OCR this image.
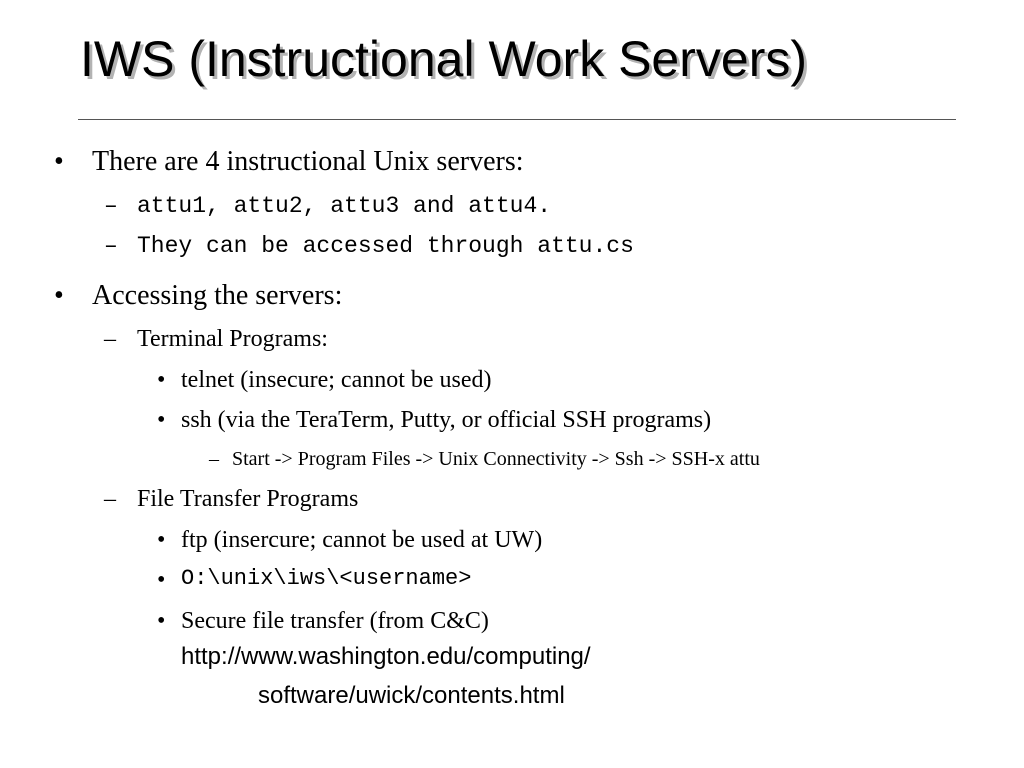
IWS (Instructional Work Servers)
• There are 4 instructional Unix servers:
– attu1, attu2, attu3 and attu4.
– They can be accessed through attu.cs
• Accessing the servers:
– Terminal Programs:
• telnet (insecure; cannot be used)
• ssh (via the TeraTerm, Putty, or official SSH programs)
– Start -> Program Files -> Unix Connectivity -> Ssh -> SSH-x attu
– File Transfer Programs
• ftp (insercure; cannot be used at UW)
• O:\unix\iws\<username>
• Secure file transfer (from C&C)
http://www.washington.edu/computing/
software/uwick/contents.html
